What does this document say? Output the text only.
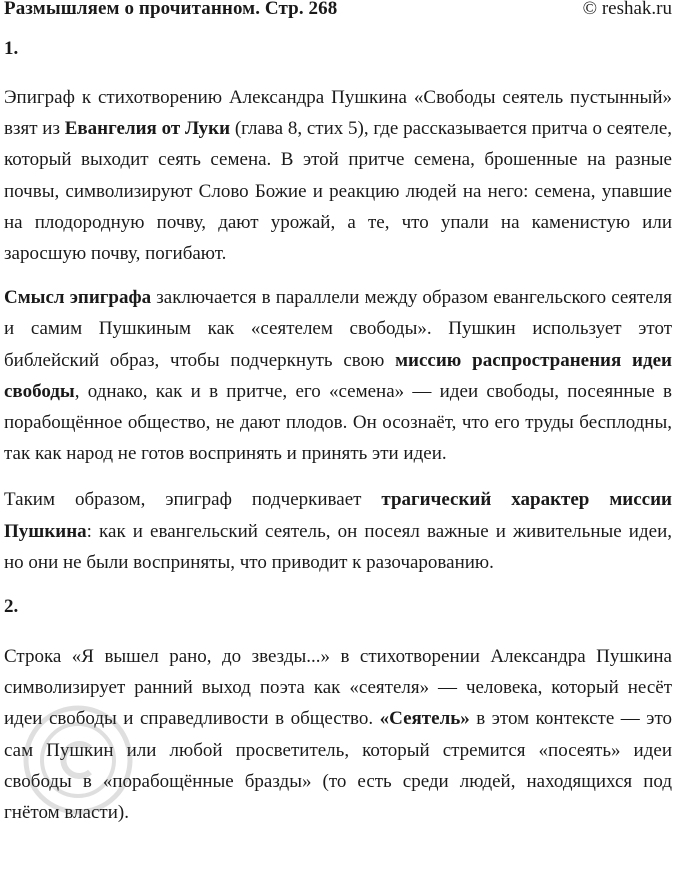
Размышляем о прочитанном. Стр. 268	© reshak.ru
1.

Эпиграф к стихотворению Александра Пушкина «Свободы сеятель пустынный» взят из Евангелия от Луки (глава 8, стих 5), где рассказывается притча о сеятеле, который выходит сеять семена. В этой притче семена, брошенные на разные почвы, символизируют Слово Божие и реакцию людей на него: семена, упавшие на плодородную почву, дают урожай, а те, что упали на каменистую или заросшую почву, погибают.

Смысл эпиграфа заключается в параллели между образом евангельского сеятеля и самим Пушкиным как «сеятелем свободы». Пушкин использует этот библейский образ, чтобы подчеркнуть свою миссию распространения идеи свободы, однако, как и в притче, его «семена» — идеи свободы, посеянные в порабощённое общество, не дают плодов. Он осознаёт, что его труды бесплодны, так как народ не готов воспринять и принять эти идеи.

Таким образом, эпиграф подчеркивает трагический характер миссии Пушкина: как и евангельский сеятель, он посеял важные и живительные идеи, но они не были восприняты, что приводит к разочарованию.

2.

Строка «Я вышел рано, до звезды...» в стихотворении Александра Пушкина символизирует ранний выход поэта как «сеятеля» — человека, который несёт идеи свободы и справедливости в общество. «Сеятель» в этом контексте — это сам Пушкин или любой просветитель, который стремится «посеять» идеи свободы в «порабощённые бразды» (то есть среди людей, находящихся под гнётом власти).
